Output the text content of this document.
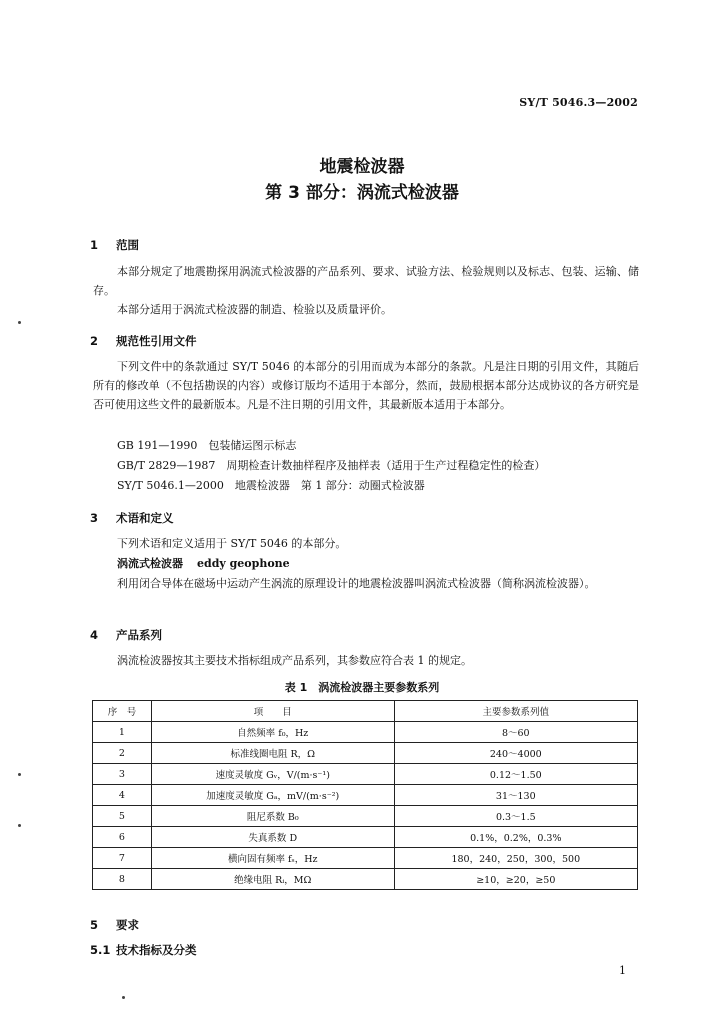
SY/T 5046.3—2002
地震检波器
第 3 部分：涡流式检波器
1 范围

本部分规定了地震勘探用涡流式检波器的产品系列、要求、试验方法、检验规则以及标志、包装、运输、储存。

本部分适用于涡流式检波器的制造、检验以及质量评价。

2 规范性引用文件

下列文件中的条款通过 SY/T 5046 的本部分的引用而成为本部分的条款。凡是注日期的引用文件，其随后所有的修改单（不包括勘误的内容）或修订版均不适用于本部分，然而，鼓励根据本部分达成协议的各方研究是否可使用这些文件的最新版本。凡是不注日期的引用文件，其最新版本适用于本部分。

GB 191—1990　包装储运图示标志
GB/T 2829—1987　周期检查计数抽样程序及抽样表（适用于生产过程稳定性的检查）
SY/T 5046.1—2000　地震检波器　第 1 部分：动圈式检波器
3 术语和定义
下列术语和定义适用于 SY/T 5046 的本部分。
涡流式检波器 eddy geophone

利用闭合导体在磁场中运动产生涡流的原理设计的地震检波器叫涡流式检波器（简称涡流检波器）。

4 产品系列

涡流检波器按其主要技术指标组成产品系列，其参数应符合表 1 的规定。

表 1　涡流检波器主要参数系列
序　号	项　　目	主要参数系列值
1	自然频率 f₀，Hz	8～60
2	标准线圈电阻 R，Ω	240～4000
3	速度灵敏度 Gᵥ，V/(m·s⁻¹)	0.12～1.50
4	加速度灵敏度 Gₐ，mV/(m·s⁻²)	31～130
5	阻尼系数 B₀	0.3～1.5
6	失真系数 D	0.1%，0.2%，0.3%
7	横向固有频率 fₛ，Hz	180，240，250，300，500
8	绝缘电阻 Rᵢ，MΩ	≥10，≥20，≥50
5 要求
5.1 技术指标及分类
1
